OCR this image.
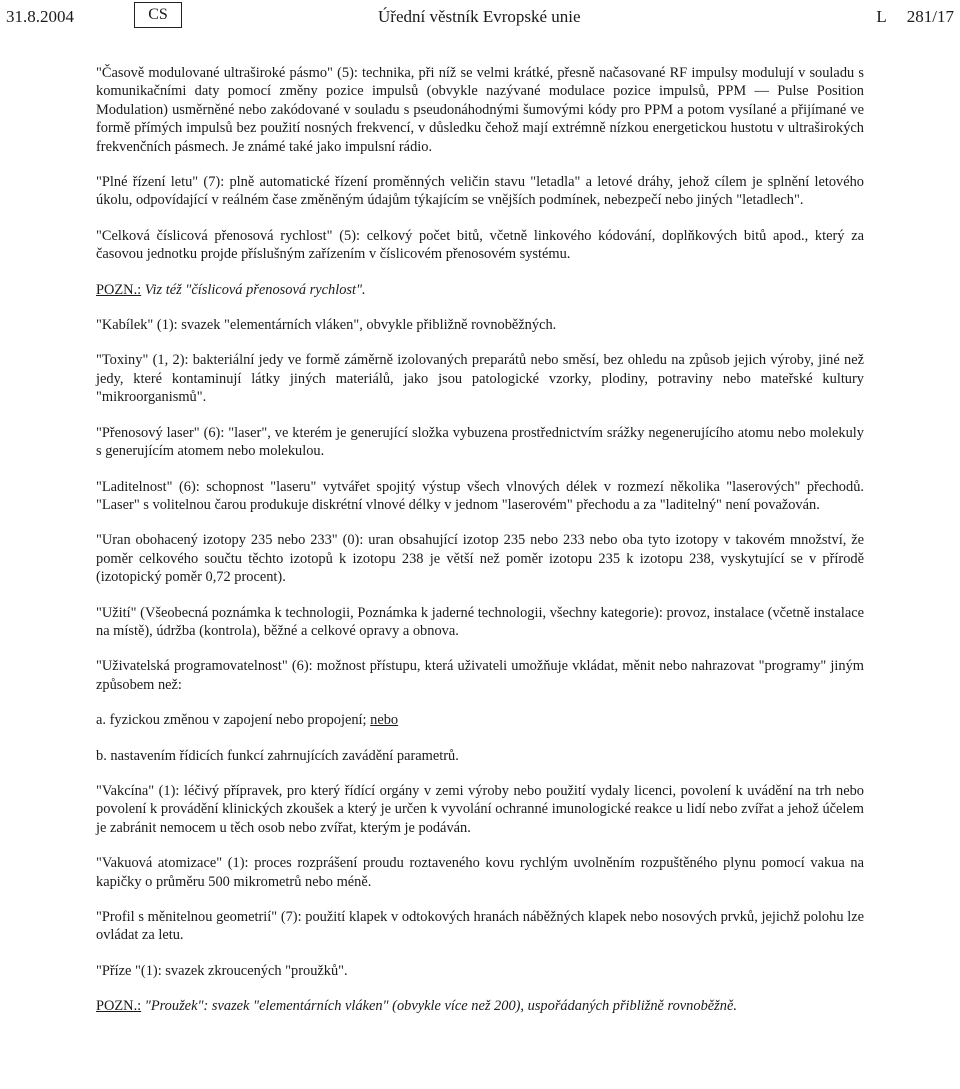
31.8.2004	CS	Úřední věstník Evropské unie	L 281/17

"Časově modulované ultraširoké pásmo" (5): technika, při níž se velmi krátké, přesně načasované RF impulsy modulují v souladu s komunikačními daty pomocí změny pozice impulsů (obvykle nazývané modulace pozice impulsů, PPM — Pulse Position Modulation) usměrněné nebo zakódované v souladu s pseudonáhodnými šumovými kódy pro PPM a potom vysílané a přijímané ve formě přímých impulsů bez použití nosných frekvencí, v důsledku čehož mají extrémně nízkou energetickou hustotu v ultraširokých frekvenčních pásmech. Je známé také jako impulsní rádio.

"Plné řízení letu" (7): plně automatické řízení proměnných veličin stavu "letadla" a letové dráhy, jehož cílem je splnění letového úkolu, odpovídající v reálném čase změněným údajům týkajícím se vnějších podmínek, nebezpečí nebo jiných "letadlech".

"Celková číslicová přenosová rychlost" (5): celkový počet bitů, včetně linkového kódování, doplňkových bitů apod., který za časovou jednotku projde příslušným zařízením v číslicovém přenosovém systému.

POZN.: Viz též "číslicová přenosová rychlost".

"Kabílek" (1): svazek "elementárních vláken", obvykle přibližně rovnoběžných.

"Toxiny" (1, 2): bakteriální jedy ve formě záměrně izolovaných preparátů nebo směsí, bez ohledu na způsob jejich výroby, jiné než jedy, které kontaminují látky jiných materiálů, jako jsou patologické vzorky, plodiny, potraviny nebo mateřské kultury "mikroorganismů".

"Přenosový laser" (6): "laser", ve kterém je generující složka vybuzena prostřednictvím srážky negenerujícího atomu nebo molekuly s generujícím atomem nebo molekulou.

"Laditelnost" (6): schopnost "laseru" vytvářet spojitý výstup všech vlnových délek v rozmezí několika "laserových" přechodů. "Laser" s volitelnou čarou produkuje diskrétní vlnové délky v jednom "laserovém" přechodu a za "laditelný" není považován.

"Uran obohacený izotopy 235 nebo 233" (0): uran obsahující izotop 235 nebo 233 nebo oba tyto izotopy v takovém množství, že poměr celkového součtu těchto izotopů k izotopu 238 je větší než poměr izotopu 235 k izotopu 238, vyskytující se v přírodě (izotopický poměr 0,72 procent).

"Užití" (Všeobecná poznámka k technologii, Poznámka k jaderné technologii, všechny kategorie): provoz, instalace (včetně instalace na místě), údržba (kontrola), běžné a celkové opravy a obnova.

"Uživatelská programovatelnost" (6): možnost přístupu, která uživateli umožňuje vkládat, měnit nebo nahrazovat "programy" jiným způsobem než:

a. fyzickou změnou v zapojení nebo propojení; nebo

b. nastavením řídicích funkcí zahrnujících zavádění parametrů.

"Vakcína" (1): léčivý přípravek, pro který řídící orgány v zemi výroby nebo použití vydaly licenci, povolení k uvádění na trh nebo povolení k provádění klinických zkoušek a který je určen k vyvolání ochranné imunologické reakce u lidí nebo zvířat a jehož účelem je zabránit nemocem u těch osob nebo zvířat, kterým je podáván.

"Vakuová atomizace" (1): proces rozprášení proudu roztaveného kovu rychlým uvolněním rozpuštěného plynu pomocí vakua na kapičky o průměru 500 mikrometrů nebo méně.

"Profil s měnitelnou geometrií" (7): použití klapek v odtokových hranách náběžných klapek nebo nosových prvků, jejichž polohu lze ovládat za letu.

"Příze "(1): svazek zkroucených "proužků".

POZN.: "Proužek": svazek "elementárních vláken" (obvykle více než 200), uspořádaných přibližně rovnoběžně.
